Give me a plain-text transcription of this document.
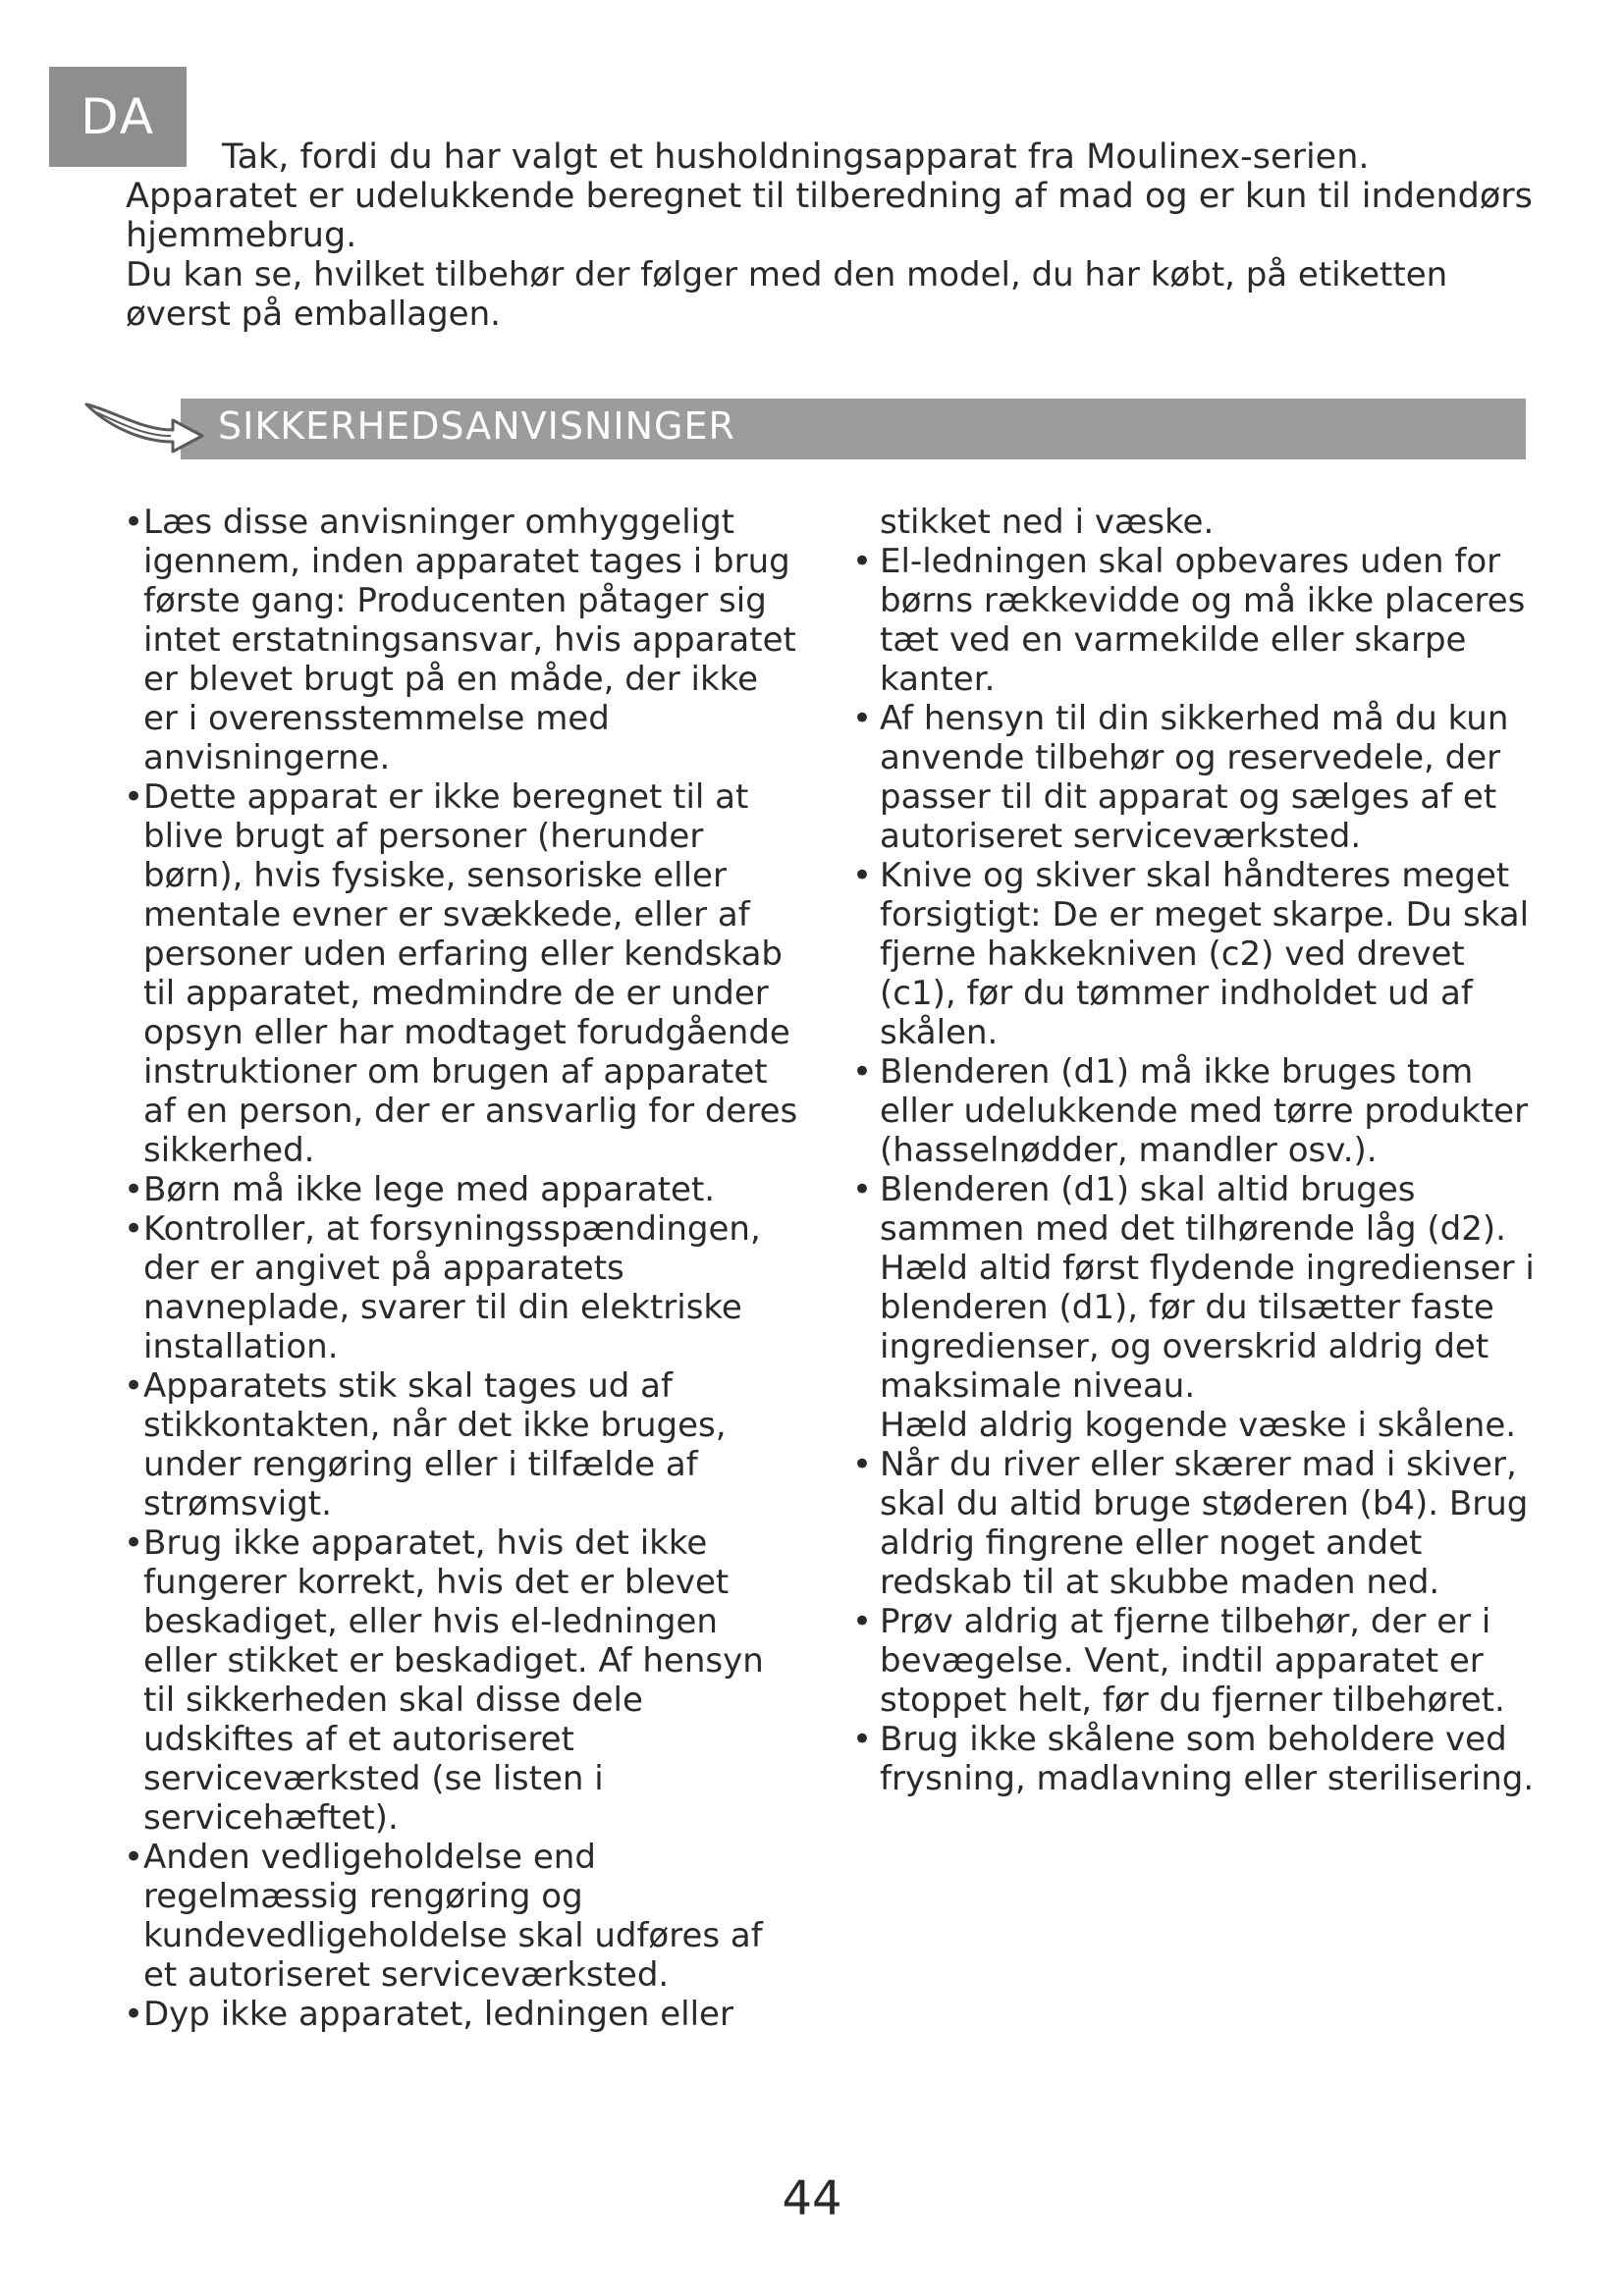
DA

Tak, fordi du har valgt et husholdningsapparat fra Moulinex-serien.

Apparatet er udelukkende beregnet til tilberedning af mad og er kun til indendørs hjemmebrug.

Du kan se, hvilket tilbehør der følger med den model, du har købt, på etiketten øverst på emballagen.

SIKKERHEDSANVISNINGER
• Læs disse anvisninger omhyggeligt igennem, inden apparatet tages i brug første gang: Producenten påtager sig intet erstatningsansvar, hvis apparatet er blevet brugt på en måde, der ikke er i overensstemmelse med anvisningerne.
• Dette apparat er ikke beregnet til at blive brugt af personer (herunder børn), hvis fysiske, sensoriske eller mentale evner er svækkede, eller af personer uden erfaring eller kendskab til apparatet, medmindre de er under opsyn eller har modtaget forudgående instruktioner om brugen af apparatet af en person, der er ansvarlig for deres sikkerhed.
• Børn må ikke lege med apparatet.
• Kontroller, at forsyningsspændingen, der er angivet på apparatets navneplade, svarer til din elektriske installation.
• Apparatets stik skal tages ud af stikkontakten, når det ikke bruges, under rengøring eller i tilfælde af strømsvigt.
• Brug ikke apparatet, hvis det ikke fungerer korrekt, hvis det er blevet beskadiget, eller hvis el-ledningen eller stikket er beskadiget. Af hensyn til sikkerheden skal disse dele udskiftes af et autoriseret serviceværksted (se listen i servicehæftet).
• Anden vedligeholdelse end regelmæssig rengøring og kundevedligeholdelse skal udføres af et autoriseret serviceværksted.
• Dyp ikke apparatet, ledningen eller
stikket ned i væske.
• El-ledningen skal opbevares uden for børns rækkevidde og må ikke placeres tæt ved en varmekilde eller skarpe kanter.
• Af hensyn til din sikkerhed må du kun anvende tilbehør og reservedele, der passer til dit apparat og sælges af et autoriseret serviceværksted.
• Knive og skiver skal håndteres meget forsigtigt: De er meget skarpe. Du skal fjerne hakkekniven (c2) ved drevet (c1), før du tømmer indholdet ud af skålen.
• Blenderen (d1) må ikke bruges tom eller udelukkende med tørre produkter (hasselnødder, mandler osv.).
• Blenderen (d1) skal altid bruges sammen med det tilhørende låg (d2).
Hæld altid først flydende ingredienser i blenderen (d1), før du tilsætter faste ingredienser, og overskrid aldrig det maksimale niveau.
Hæld aldrig kogende væske i skålene.
• Når du river eller skærer mad i skiver, skal du altid bruge støderen (b4). Brug aldrig fingrene eller noget andet redskab til at skubbe maden ned.
• Prøv aldrig at fjerne tilbehør, der er i bevægelse. Vent, indtil apparatet er stoppet helt, før du fjerner tilbehøret.
• Brug ikke skålene som beholdere ved frysning, madlavning eller sterilisering.
44
